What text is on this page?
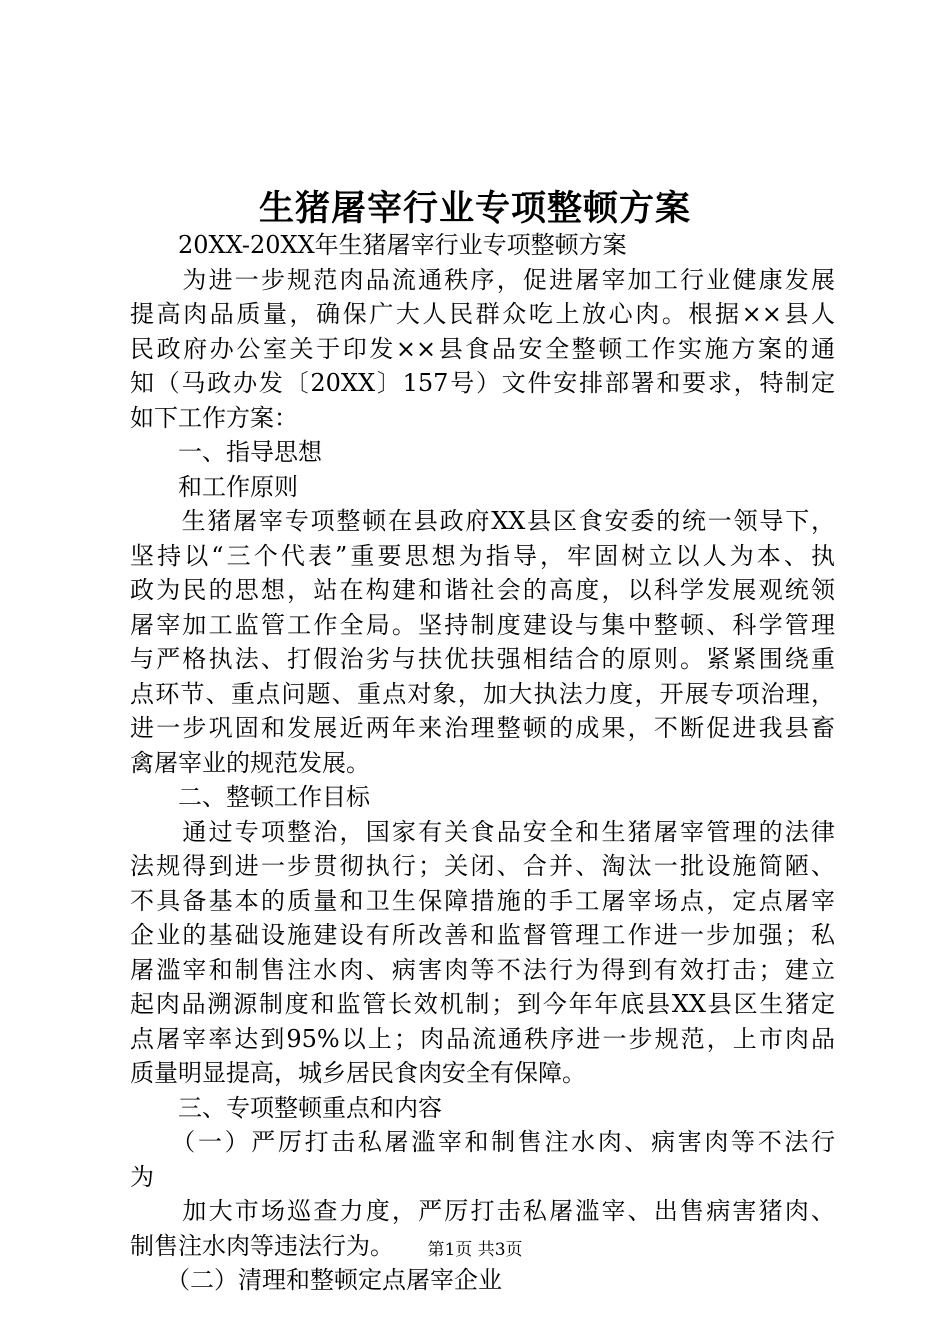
生猪屠宰行业专项整顿方案
　　20XX-20XX年生猪屠宰行业专项整顿方案
　　为进一步规范肉品流通秩序，促进屠宰加工行业健康发展
提高肉品质量，确保广大人民群众吃上放心肉。根据××县人
民政府办公室关于印发××县食品安全整顿工作实施方案的通
知（马政办发〔20XX〕157号）文件安排部署和要求，特制定
如下工作方案：
　　一、指导思想
　　和工作原则
　　生猪屠宰专项整顿在县政府XX县区食安委的统一领导下，
坚持以“三个代表”重要思想为指导，牢固树立以人为本、执
政为民的思想，站在构建和谐社会的高度，以科学发展观统领
屠宰加工监管工作全局。坚持制度建设与集中整顿、科学管理
与严格执法、打假治劣与扶优扶强相结合的原则。紧紧围绕重
点环节、重点问题、重点对象，加大执法力度，开展专项治理，
进一步巩固和发展近两年来治理整顿的成果，不断促进我县畜
禽屠宰业的规范发展。
　　二、整顿工作目标
　　通过专项整治，国家有关食品安全和生猪屠宰管理的法律
法规得到进一步贯彻执行；关闭、合并、淘汰一批设施简陋、
不具备基本的质量和卫生保障措施的手工屠宰场点，定点屠宰
企业的基础设施建设有所改善和监督管理工作进一步加强；私
屠滥宰和制售注水肉、病害肉等不法行为得到有效打击；建立
起肉品溯源制度和监管长效机制；到今年年底县XX县区生猪定
点屠宰率达到95%以上；肉品流通秩序进一步规范，上市肉品
质量明显提高，城乡居民食肉安全有保障。
　　三、专项整顿重点和内容
　　（一）严厉打击私屠滥宰和制售注水肉、病害肉等不法行
为
　　加大市场巡查力度，严厉打击私屠滥宰、出售病害猪肉、
制售注水肉等违法行为。
　　（二）清理和整顿定点屠宰企业
第1页 共3页
